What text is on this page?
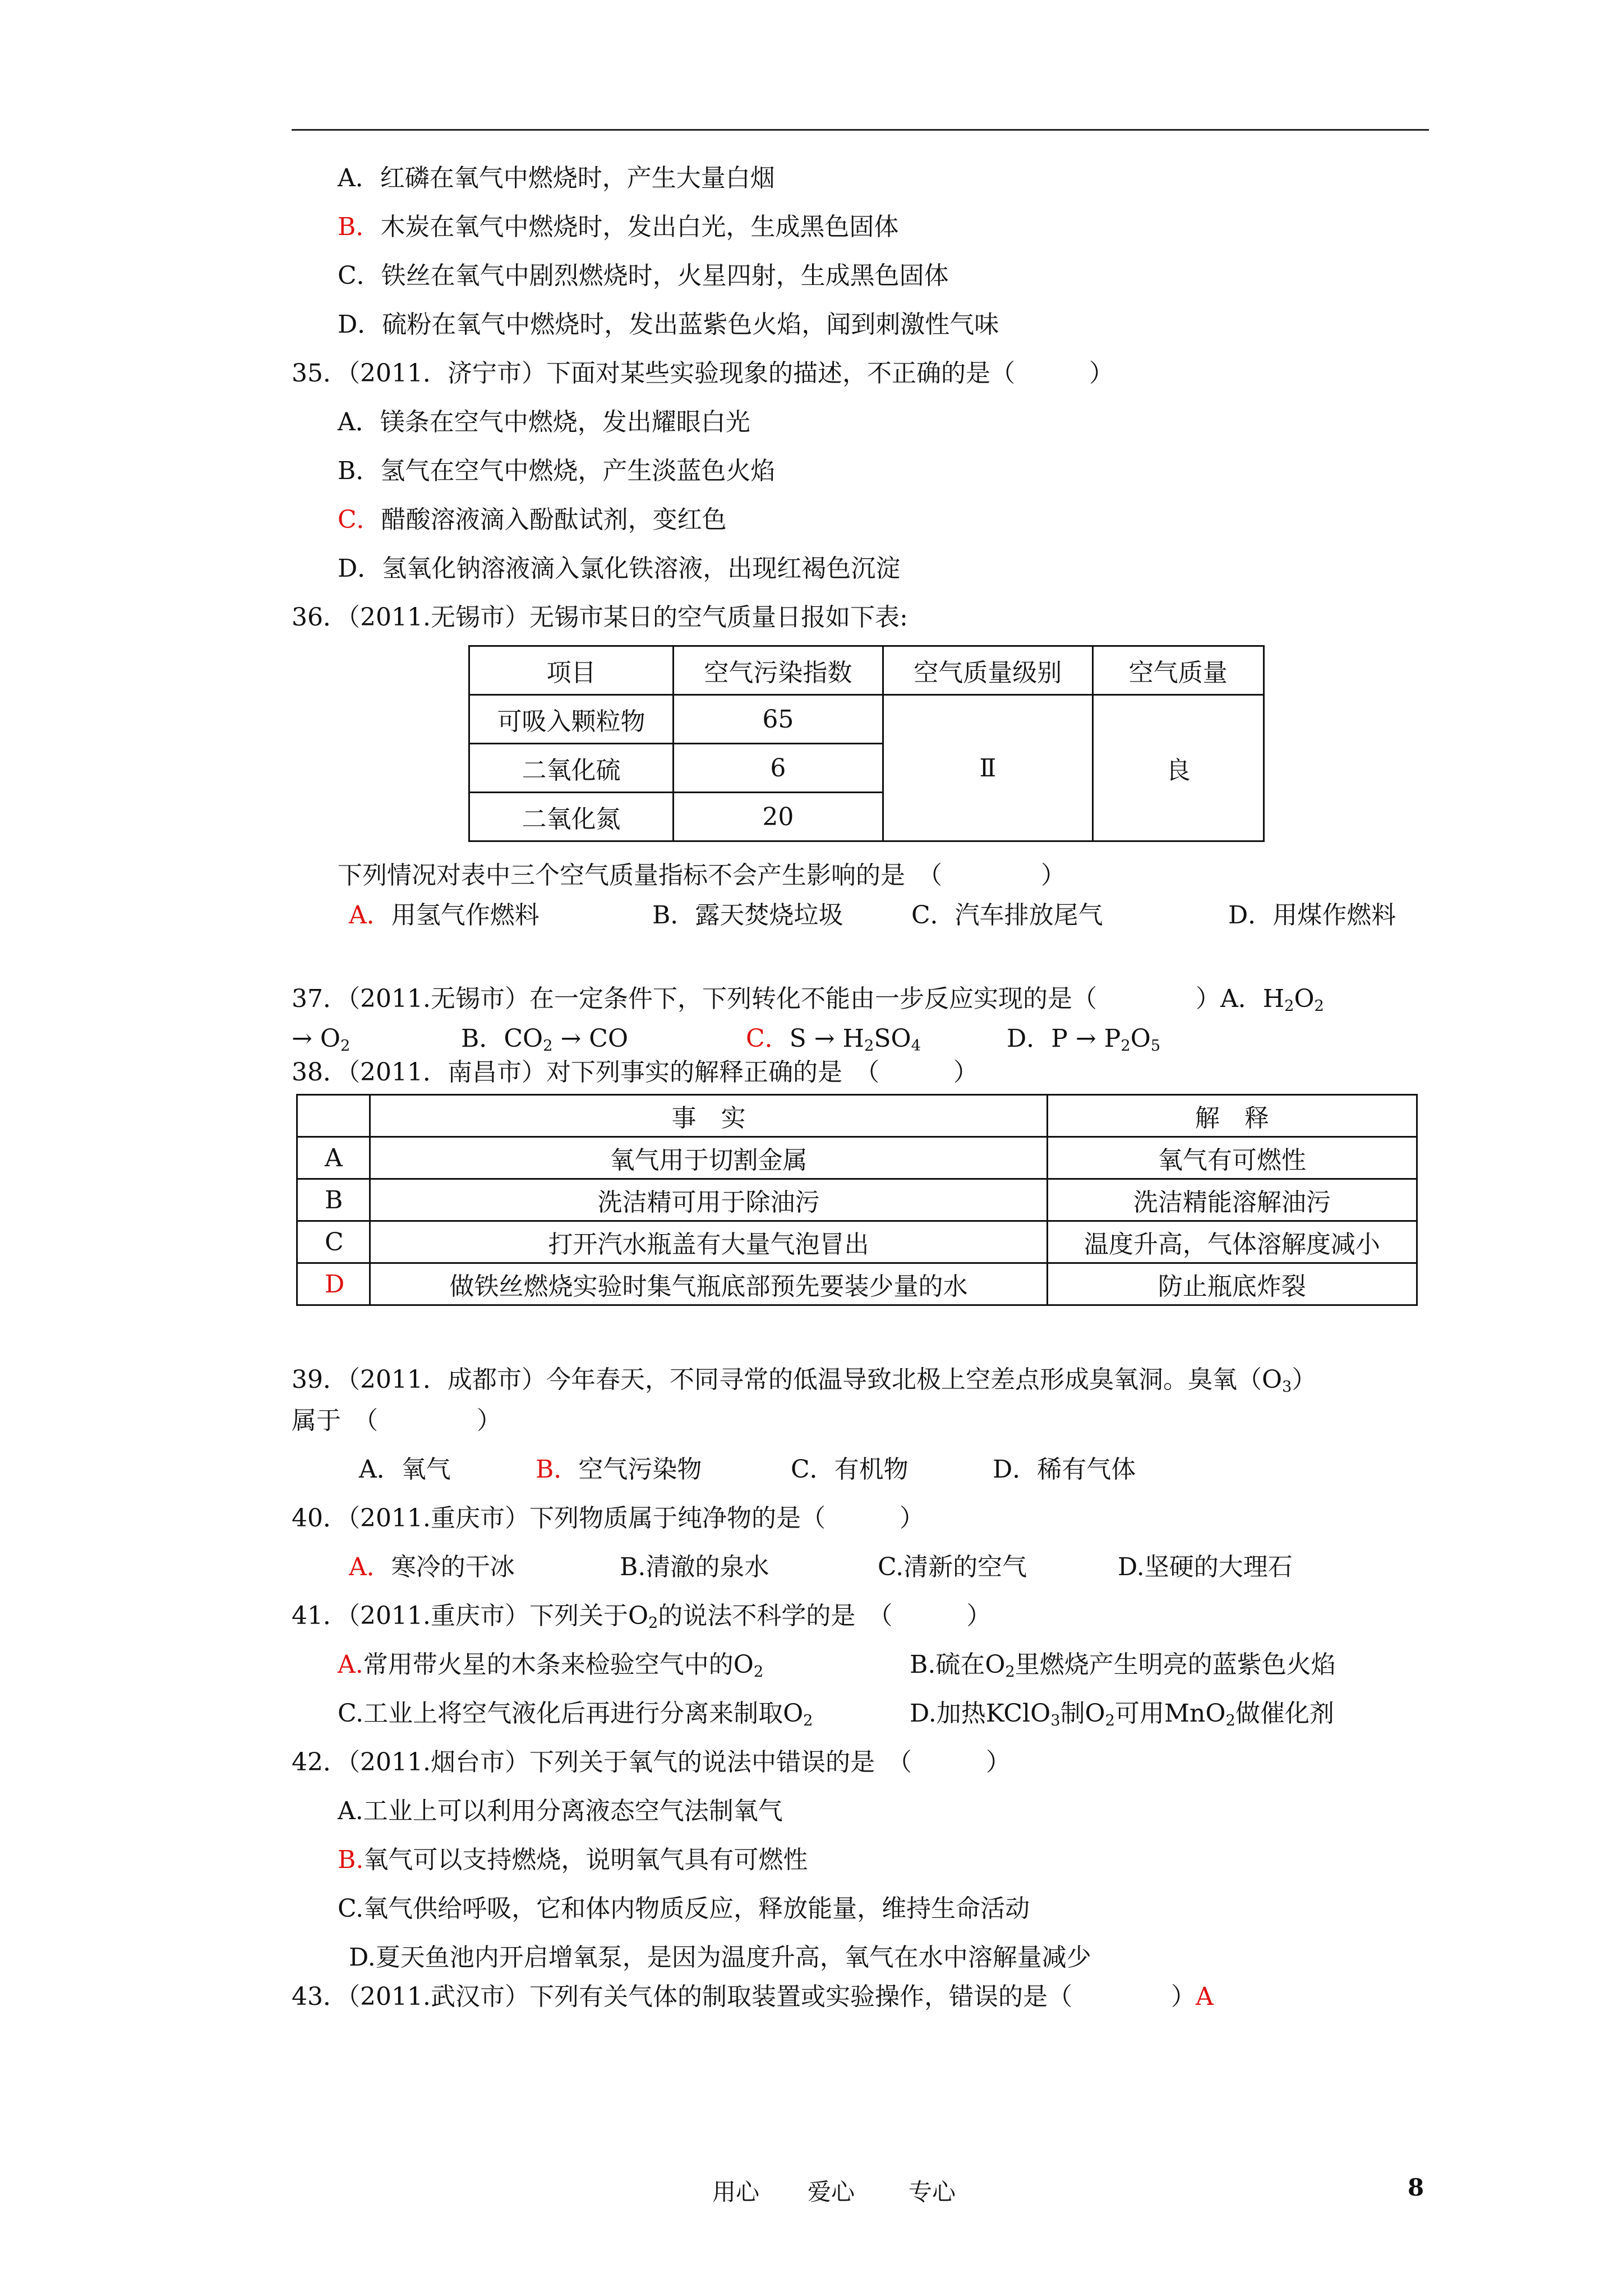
A．红磷在氧气中燃烧时，产生大量白烟
B．木炭在氧气中燃烧时，发出白光，生成黑色固体
C．铁丝在氧气中剧烈燃烧时，火星四射，生成黑色固体
D．硫粉在氧气中燃烧时，发出蓝紫色火焰，闻到刺激性气味
35．（2011．济宁市）下面对某些实验现象的描述，不正确的是（　　　）
A．镁条在空气中燃烧，发出耀眼白光
B．氢气在空气中燃烧，产生淡蓝色火焰
C．醋酸溶液滴入酚酞试剂，变红色
D．氢氧化钠溶液滴入氯化铁溶液，出现红褐色沉淀
36．（2011.无锡市）无锡市某日的空气质量日报如下表:
项目	空气污染指数	空气质量级别	空气质量
可吸入颗粒物	65	Ⅱ	良
二氧化硫	6		
二氧化氮	20		
下列情况对表中三个空气质量指标不会产生影响的是　（　　　　）
A．用氢气作燃料	B．露天焚烧垃圾	C．汽车排放尾气	D．用煤作燃料
37．（2011.无锡市）在一定条件下，下列转化不能由一步反应实现的是（　　　　）A．$H_2O_2$
→ $O_2$	B．$CO_2$ → CO	C．$S \to H_2SO_4$	D．$P \to P_2O_5$
38．（2011．南昌市）对下列事实的解释正确的是　（　　　）
	事　实	解　释
A	氧气用于切割金属	氧气有可燃性
B	洗洁精可用于除油污	洗洁精能溶解油污
C	打开汽水瓶盖有大量气泡冒出	温度升高，气体溶解度减小
D	做铁丝燃烧实验时集气瓶底部预先要装少量的水	防止瓶底炸裂
39．（2011．成都市）今年春天，不同寻常的低温导致北极上空差点形成臭氧洞。臭氧$(O_3)$
属于　（　　　　）
A．氧气	B．空气污染物	C．有机物	D．稀有气体
40．（2011.重庆市）下列物质属于纯净物的是（　　　）
A．寒冷的干冰	B.清澈的泉水	C.清新的空气	D.坚硬的大理石
41．（2011.重庆市）下列关于$O_2$的说法不科学的是　（　　　）
A.常用带火星的木条来检验空气中的$O_2$	B.硫在$O_2$里燃烧产生明亮的蓝紫色火焰
C.工业上将空气液化后再进行分离来制取$O_2$	D.加热KClO$_3$制$O_2$可用MnO$_2$做催化剂
42．（2011.烟台市）下列关于氧气的说法中错误的是　（　　　）
A.工业上可以利用分离液态空气法制氧气
B.氧气可以支持燃烧，说明氧气具有可燃性
C.氧气供给呼吸，它和体内物质反应，释放能量，维持生命活动
D.夏天鱼池内开启增氧泵，是因为温度升高，氧气在水中溶解量减少
43．（2011.武汉市）下列有关气体的制取装置或实验操作，错误的是（　　　　）A
用心 爱心 专心	8
